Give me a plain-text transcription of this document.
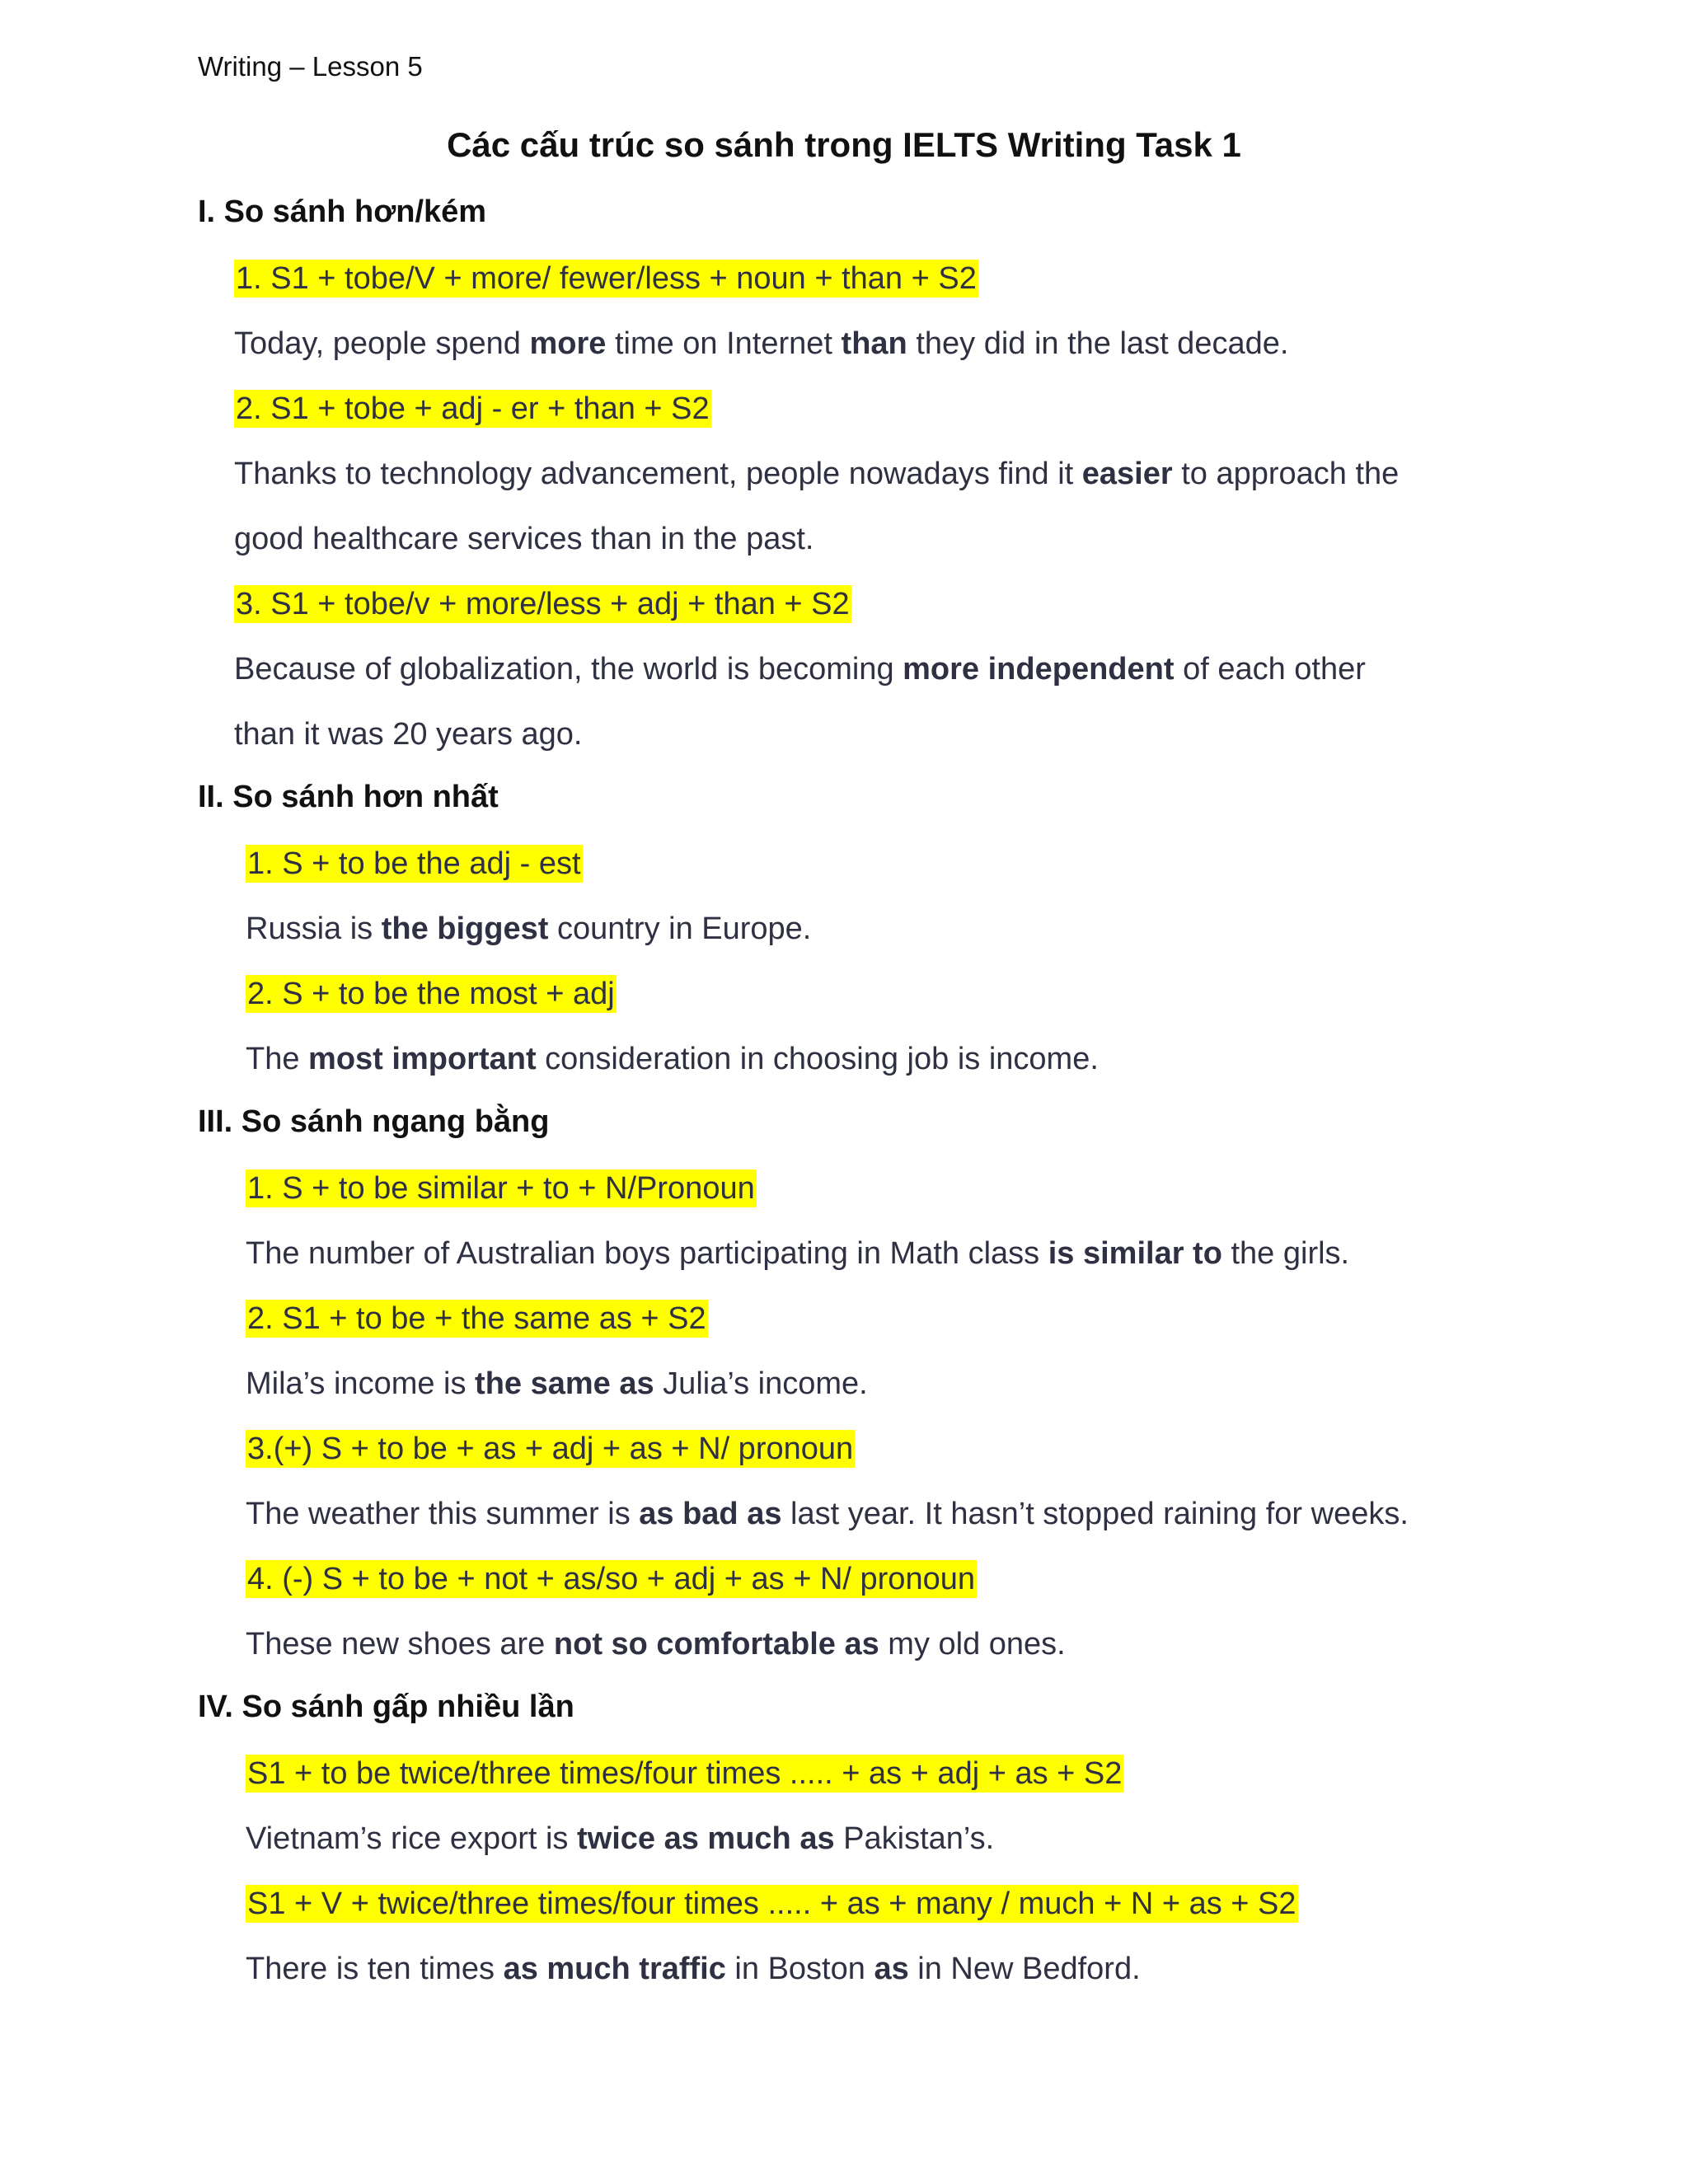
Writing – Lesson 5
Các cấu trúc so sánh trong IELTS Writing Task 1
I. So sánh hơn/kém
1. S1 + tobe/V + more/ fewer/less + noun + than + S2
Today, people spend more time on Internet than they did in the last decade.
2. S1 + tobe + adj - er + than + S2
Thanks to technology advancement, people nowadays find it easier to approach the
good healthcare services than in the past.
3. S1 + tobe/v + more/less + adj + than + S2
Because of globalization, the world is becoming more independent of each other
than it was 20 years ago.
II. So sánh hơn nhất
1. S + to be the adj - est
Russia is the biggest country in Europe.
2. S + to be the most + adj
The most important consideration in choosing job is income.
III. So sánh ngang bằng
1. S + to be similar + to + N/Pronoun
The number of Australian boys participating in Math class is similar to the girls.
2. S1 + to be + the same as + S2
Mila’s income is the same as Julia’s income.
3.(+) S + to be + as + adj + as + N/ pronoun
The weather this summer is as bad as last year. It hasn’t stopped raining for weeks.
4. (-) S + to be + not + as/so + adj + as + N/ pronoun
These new shoes are not so comfortable as my old ones.
IV. So sánh gấp nhiều lần
S1 + to be twice/three times/four times ..... + as + adj + as + S2
Vietnam’s rice export is twice as much as Pakistan’s.
S1 + V + twice/three times/four times ..... + as + many / much + N + as + S2
There is ten times as much traffic in Boston as in New Bedford.
